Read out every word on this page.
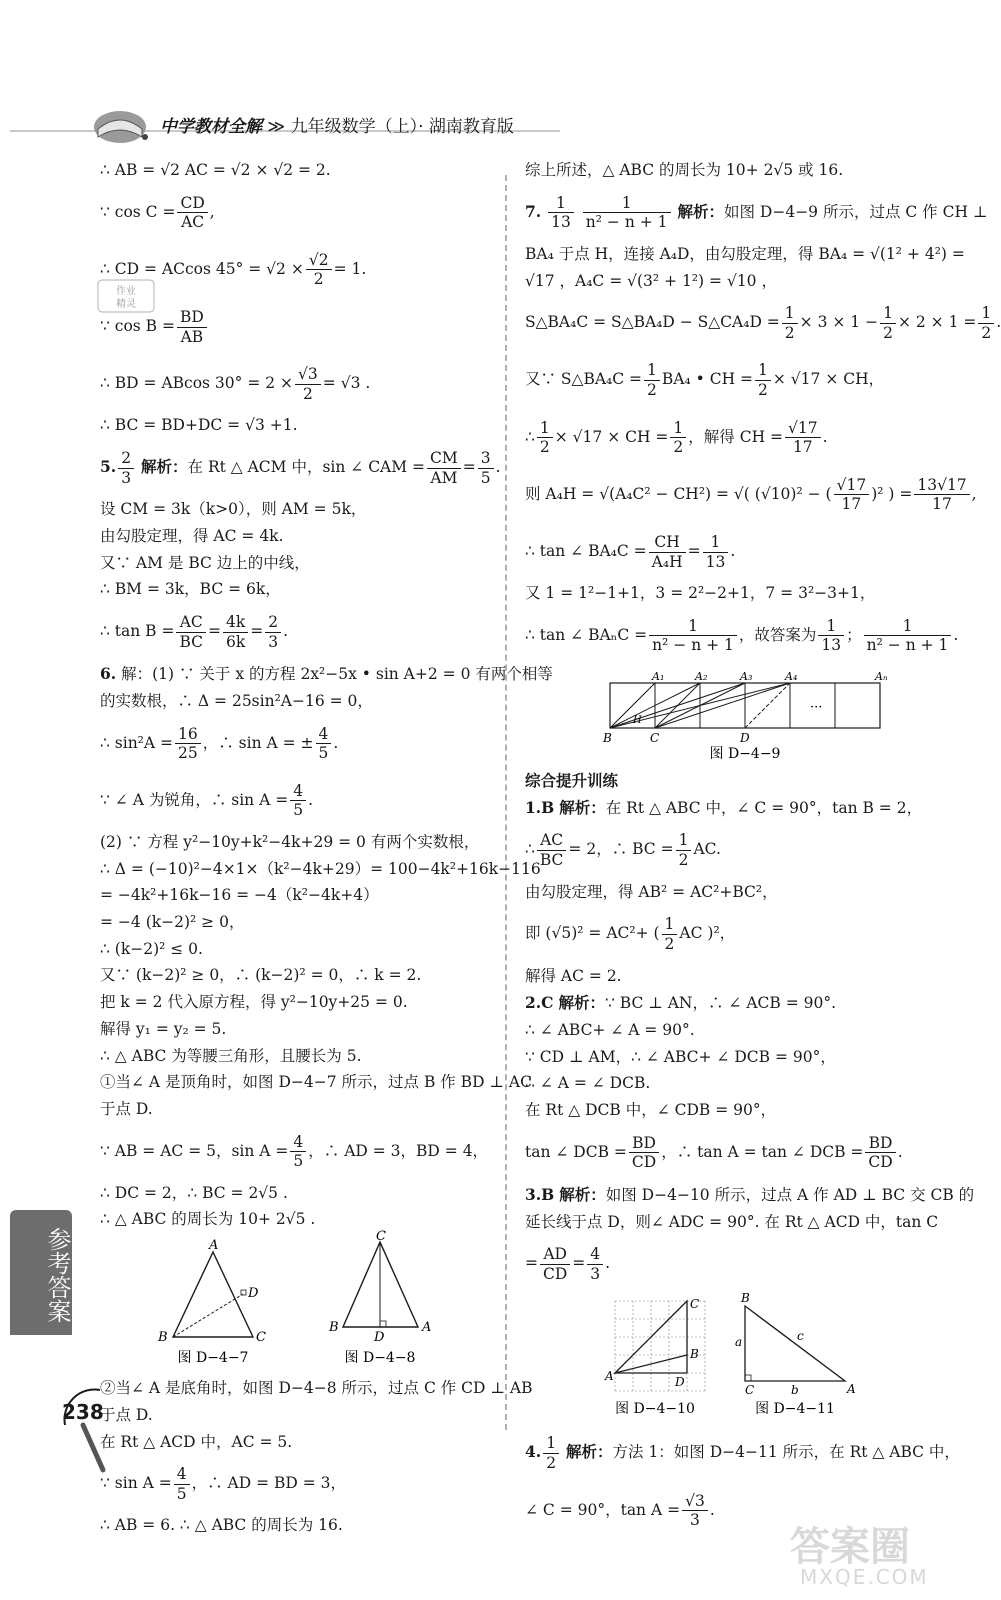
中学教材全解 ≫ 九年级数学（上）· 湖南教育版

∴ AB = √2 AC = √2 × √2 = 2.

∵ $\cos C = \frac{CD}{AC}$ ,

∴ CD = ACcos $45^\circ = √2 \times \frac{√2}{2} = 1$.

∵ $\cos B = \frac{BD}{AB}$

∴ BD = ABcos $30^\circ = 2 \times \frac{√3}{2} = √3$ .

∴ BC = BD+DC = √3 +1.

5. $\frac{2}{3}$ 解析：在 Rt △ ACM 中，sin ∠ CAM = $\frac{CM}{AM} = \frac{3}{5}$ .

设 CM = 3k（k>0），则 AM = 5k，

由勾股定理，得 AC = 4k.

又∵ AM 是 BC 边上的中线，

∴ BM = 3k，BC = 6k，

∴ $\tan B = \frac{AC}{BC} = \frac{4k}{6k} = \frac{2}{3}$ .

6. 解：(1) ∵ 关于 x 的方程 2x²−5x • sin A+2 = 0 有两个相等

的实数根，∴ Δ = 25sin²A−16 = 0，

∴ $\sin^2A = \frac{16}{25}$ ，∴ sin A = ± $\frac{4}{5}$ .

∵ ∠ A 为锐角，∴ $\sin A = \frac{4}{5}$ .

(2) ∵ 方程 y²−10y+k²−4k+29 = 0 有两个实数根，

∴ Δ = (−10)²−4×1×（k²−4k+29）= 100−4k²+16k−116

= −4k²+16k−16 = −4（k²−4k+4）

= −4 (k−2)² ≥ 0，

∴ (k−2)² ≤ 0.

又∵ (k−2)² ≥ 0，∴ (k−2)² = 0，∴ k = 2.

把 k = 2 代入原方程，得 y²−10y+25 = 0.

解得 y₁ = y₂ = 5.

∴ △ ABC 为等腰三角形，且腰长为 5.

①当∠ A 是顶角时，如图 D−4−7 所示，过点 B 作 BD ⊥ AC

于点 D.

∵ AB = AC = 5，$\sin A = \frac{4}{5}$ ，∴ AD = 3，BD = 4，

∴ DC = 2，∴ BC = 2√5 .

∴ △ ABC 的周长为 10+ 2√5 .

A
B	C
D
图 D−4−7
C
B	A
D
图 D−4−8

②当∠ A 是底角时，如图 D−4−8 所示，过点 C 作 CD ⊥ AB

于点 D.

在 Rt △ ACD 中，AC = 5.

∵ $\sin A = \frac{4}{5}$ ，∴ AD = BD = 3，

∴ AB = 6. ∴ △ ABC 的周长为 16.

综上所述，△ ABC 的周长为 10+ 2√5 或 16.

7. $\frac{1}{13}$
$\frac{1}{\text{n² − n + 1}}$ 解析：如图 D−4−9 所示，过点 C 作 CH ⊥

BA₄ 于点 H，连接 A₄D，由勾股定理，得 BA₄ = √(1² + 4²) =

√17 ，A₄C = √(3² + 1²) = √10 ，

S△BA₄C = S△BA₄D − S△CA₄D = $\frac{1}{2} \times 3 \times 1 - \frac{1}{2} \times 2 \times 1 = \frac{1}{2}$ .

又∵ S△BA₄C = $\frac{1}{2} BA_4$ • CH = $\frac{1}{2} \times √17$ × CH，

∴ $\frac{1}{2} \times √17$ × CH = $\frac{1}{2}$ ，解得 CH = $\frac{√17}{17}$ .

则 A₄H = √(A₄C² − CH²) = √( (√10)² − ( $\frac{√17}{17} )^2$ ) = $\frac{13√17}{17}$ ,

∴ tan ∠ $BA_4C = \frac{CH}{\text{A₄H}} = \frac{1}{13}$ .

又 1 = 1²−1+1，3 = 2²−2+1，7 = 3²−3+1，

∴ tan ∠ $BA_nC = \frac{1}{\text{n² − n + 1}}$ ，故答案为 $\frac{1}{13}$ ； $\frac{1}{\text{n² − n + 1}}$ .

···
A₁	A₂	A₃	A₄	Aₙ
B	C	D
H
图 D−4−9

综合提升训练

1.B 解析：在 Rt △ ABC 中，∠ C = 90°，tan B = 2，

∴ $\frac{AC}{BC} = 2$，∴ BC = $\frac{1}{2}$ AC.

由勾股定理，得 AB² = AC²+BC²，

即 (√5)² = AC²+ ( $\frac{1}{2}$ AC )²，

解得 AC = 2.

2.C 解析：∵ BC ⊥ AN，∴ ∠ ACB = 90°.

∴ ∠ ABC+ ∠ A = 90°.

∵ CD ⊥ AM，∴ ∠ ABC+ ∠ DCB = 90°，

∴ ∠ A = ∠ DCB.

在 Rt △ DCB 中，∠ CDB = 90°，

tan ∠ DCB = $\frac{BD}{CD}$ ，∴ tan A = tan ∠ DCB = $\frac{BD}{CD}$ .

3.B 解析：如图 D−4−10 所示，过点 A 作 AD ⊥ BC 交 CB 的

延长线于点 D，则∠ ADC = 90°. 在 Rt △ ACD 中，tan C

= $\frac{AD}{CD} = \frac{4}{3}$ .

C
B
A	D
图 D−4−10
B
C	A
a	c
b
图 D−4−11

4. $\frac{1}{2}$ 解析：方法 1：如图 D−4−11 所示，在 Rt △ ABC 中，

∠ C = 90°，$\tan A = \frac{√3}{3}$ .

作业
精灵
参考答案
238
答案圈
MXQE.COM
